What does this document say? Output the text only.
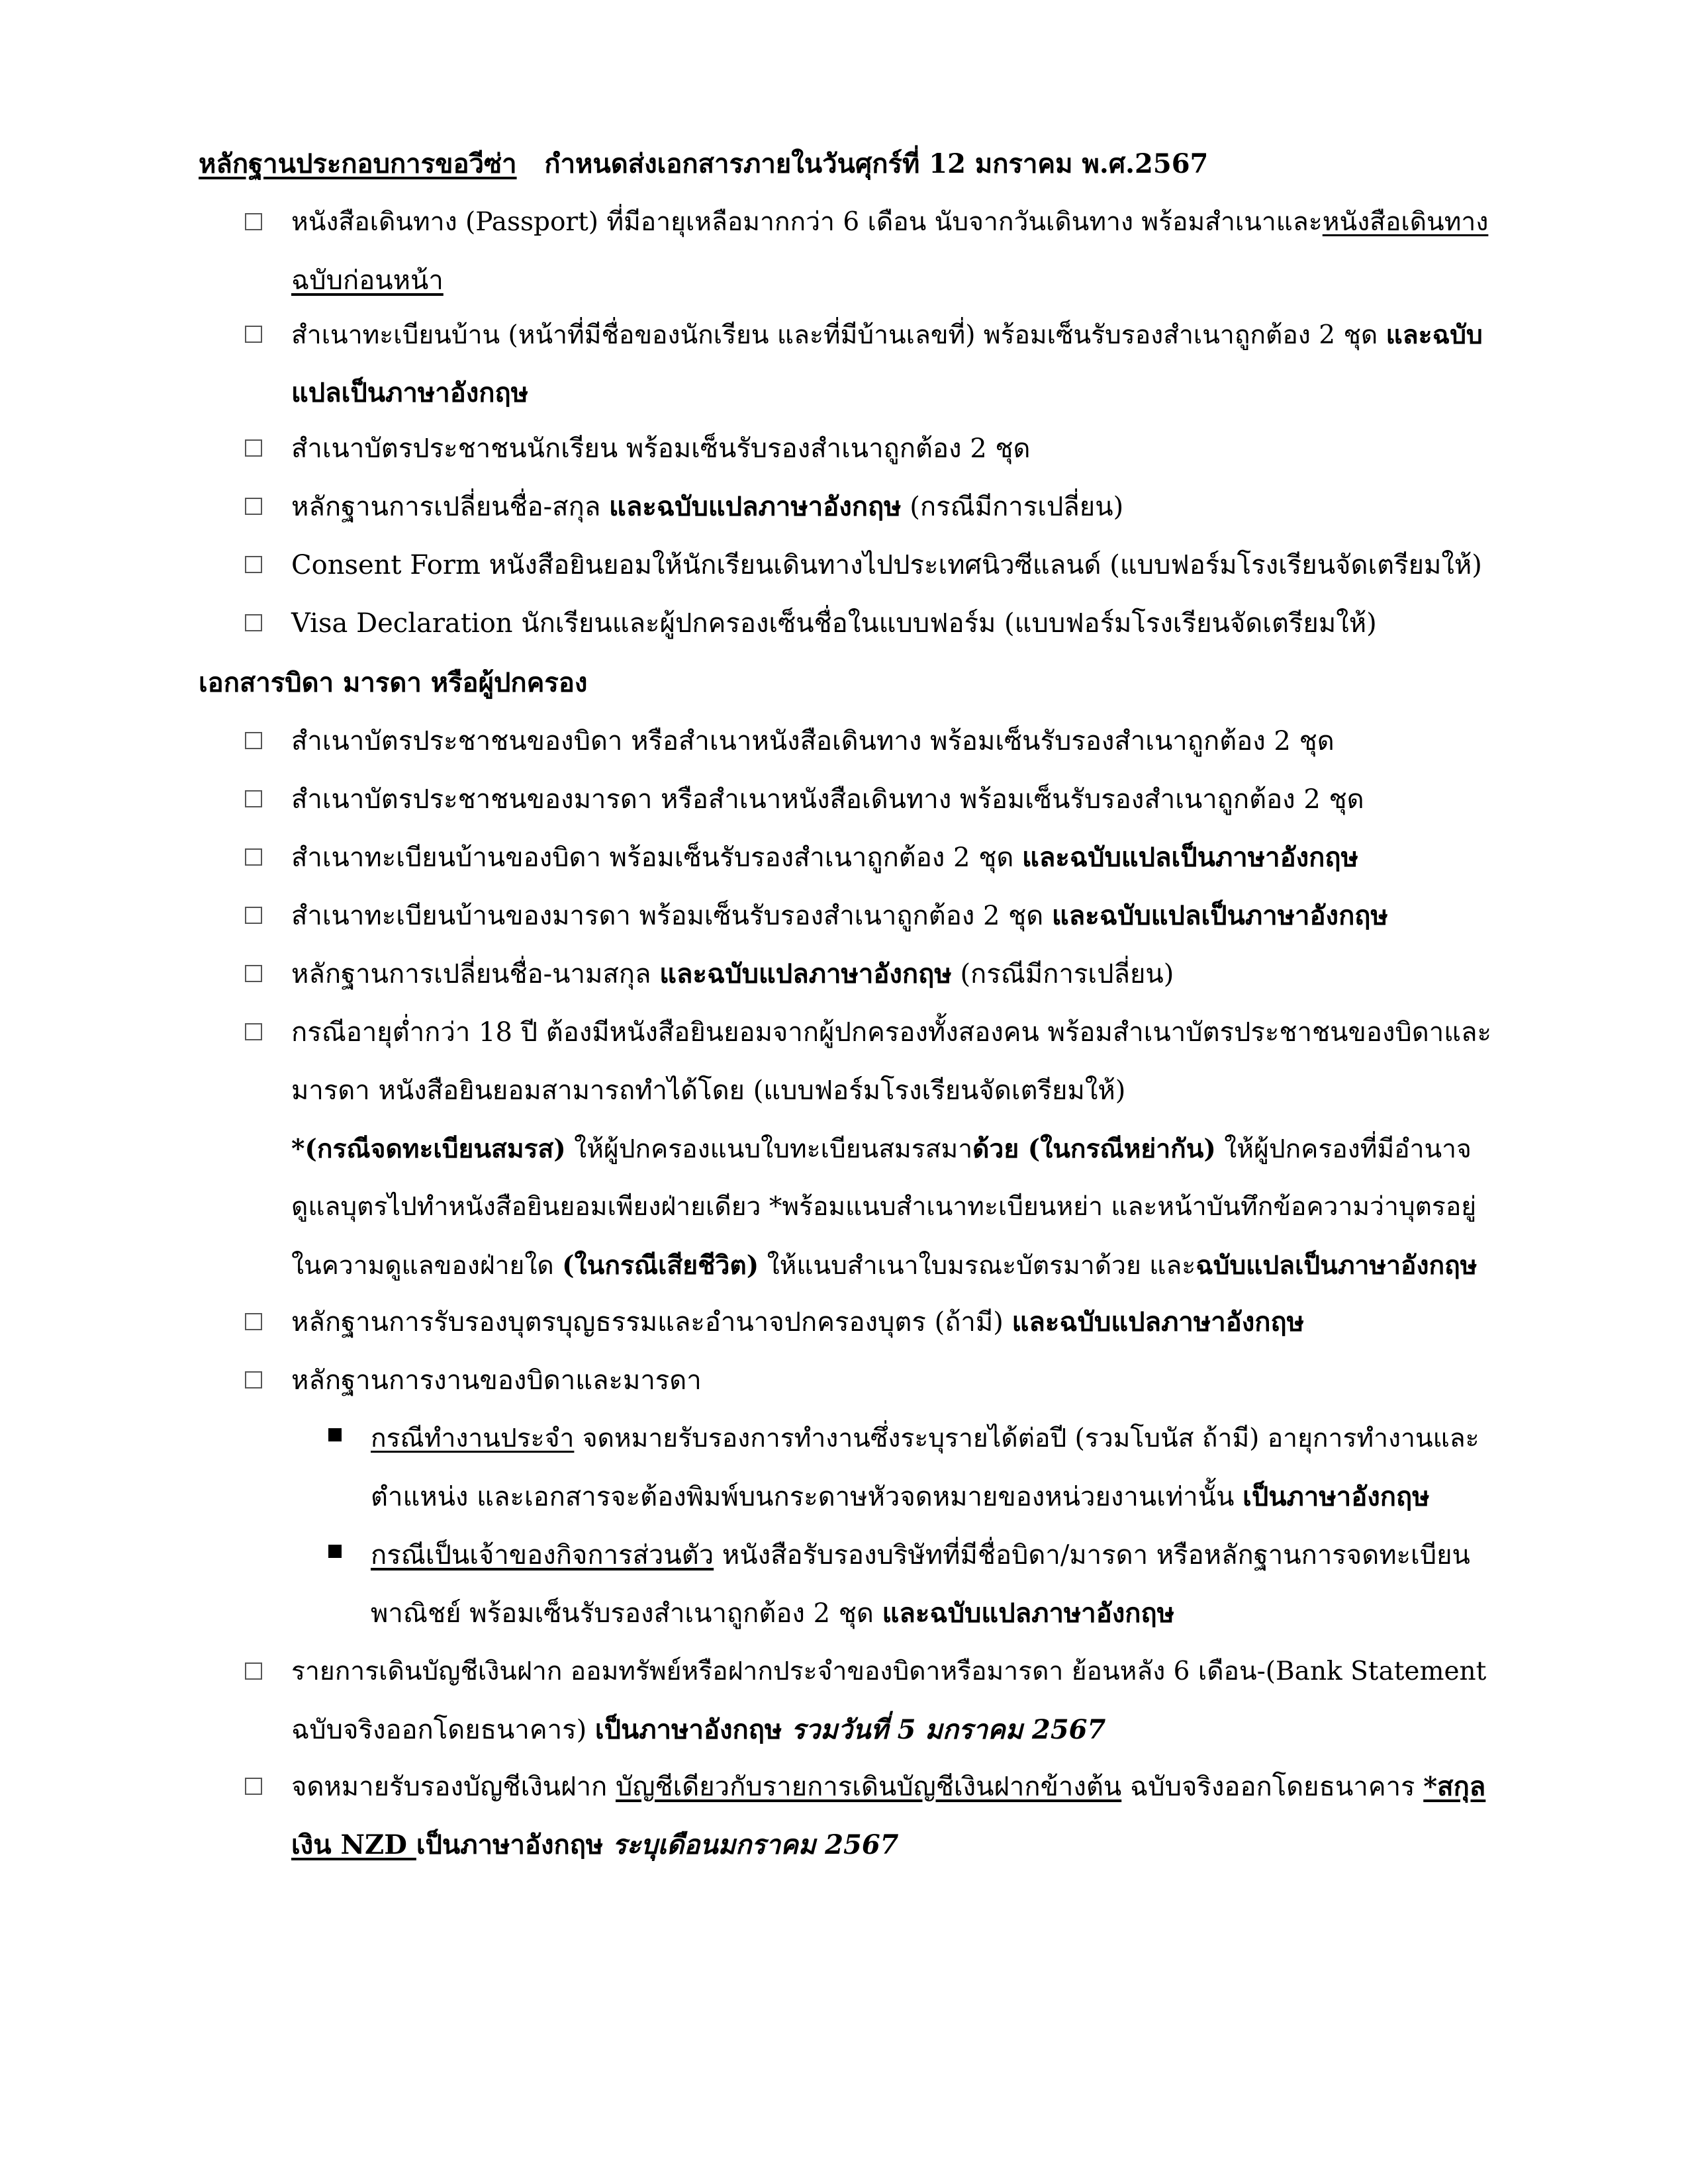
หลักฐานประกอบการขอวีซ่า กำหนดส่งเอกสารภายในวันศุกร์ที่ 12 มกราคม พ.ศ.2567
หนังสือเดินทาง (Passport) ที่มีอายุเหลือมากกว่า 6 เดือน นับจากวันเดินทาง พร้อมสำเนาและหนังสือเดินทาง
ฉบับก่อนหน้า
สำเนาทะเบียนบ้าน (หน้าที่มีชื่อของนักเรียน และที่มีบ้านเลขที่) พร้อมเซ็นรับรองสำเนาถูกต้อง 2 ชุด และฉบับ
แปลเป็นภาษาอังกฤษ
สำเนาบัตรประชาชนนักเรียน พร้อมเซ็นรับรองสำเนาถูกต้อง 2 ชุด
หลักฐานการเปลี่ยนชื่อ-สกุล และฉบับแปลภาษาอังกฤษ (กรณีมีการเปลี่ยน)
Consent Form หนังสือยินยอมให้นักเรียนเดินทางไปประเทศนิวซีแลนด์ (แบบฟอร์มโรงเรียนจัดเตรียมให้)
Visa Declaration นักเรียนและผู้ปกครองเซ็นชื่อในแบบฟอร์ม (แบบฟอร์มโรงเรียนจัดเตรียมให้)
เอกสารบิดา มารดา หรือผู้ปกครอง
สำเนาบัตรประชาชนของบิดา หรือสำเนาหนังสือเดินทาง พร้อมเซ็นรับรองสำเนาถูกต้อง 2 ชุด
สำเนาบัตรประชาชนของมารดา หรือสำเนาหนังสือเดินทาง พร้อมเซ็นรับรองสำเนาถูกต้อง 2 ชุด
สำเนาทะเบียนบ้านของบิดา พร้อมเซ็นรับรองสำเนาถูกต้อง 2 ชุด และฉบับแปลเป็นภาษาอังกฤษ
สำเนาทะเบียนบ้านของมารดา พร้อมเซ็นรับรองสำเนาถูกต้อง 2 ชุด และฉบับแปลเป็นภาษาอังกฤษ
หลักฐานการเปลี่ยนชื่อ-นามสกุล และฉบับแปลภาษาอังกฤษ (กรณีมีการเปลี่ยน)
กรณีอายุต่ำกว่า 18 ปี ต้องมีหนังสือยินยอมจากผู้ปกครองทั้งสองคน พร้อมสำเนาบัตรประชาชนของบิดาและ
มารดา หนังสือยินยอมสามารถทำได้โดย (แบบฟอร์มโรงเรียนจัดเตรียมให้)
*(กรณีจดทะเบียนสมรส) ให้ผู้ปกครองแนบใบทะเบียนสมรสมาด้วย (ในกรณีหย่ากัน) ให้ผู้ปกครองที่มีอำนาจ
ดูแลบุตรไปทำหนังสือยินยอมเพียงฝ่ายเดียว *พร้อมแนบสำเนาทะเบียนหย่า และหน้าบันทึกข้อความว่าบุตรอยู่
ในความดูแลของฝ่ายใด (ในกรณีเสียชีวิต) ให้แนบสำเนาใบมรณะบัตรมาด้วย และฉบับแปลเป็นภาษาอังกฤษ
หลักฐานการรับรองบุตรบุญธรรมและอำนาจปกครองบุตร (ถ้ามี) และฉบับแปลภาษาอังกฤษ
หลักฐานการงานของบิดาและมารดา
กรณีทำงานประจำ จดหมายรับรองการทำงานซึ่งระบุรายได้ต่อปี (รวมโบนัส ถ้ามี) อายุการทำงานและ
ตำแหน่ง และเอกสารจะต้องพิมพ์บนกระดาษหัวจดหมายของหน่วยงานเท่านั้น เป็นภาษาอังกฤษ
กรณีเป็นเจ้าของกิจการส่วนตัว หนังสือรับรองบริษัทที่มีชื่อบิดา/มารดา หรือหลักฐานการจดทะเบียน
พาณิชย์ พร้อมเซ็นรับรองสำเนาถูกต้อง 2 ชุด และฉบับแปลภาษาอังกฤษ
รายการเดินบัญชีเงินฝาก ออมทรัพย์หรือฝากประจำของบิดาหรือมารดา ย้อนหลัง 6 เดือน-(Bank Statement
ฉบับจริงออกโดยธนาคาร) เป็นภาษาอังกฤษ รวมวันที่ 5 มกราคม 2567
จดหมายรับรองบัญชีเงินฝาก บัญชีเดียวกับรายการเดินบัญชีเงินฝากข้างต้น ฉบับจริงออกโดยธนาคาร *สกุล
เงิน NZD เป็นภาษาอังกฤษ ระบุเดือนมกราคม 2567
